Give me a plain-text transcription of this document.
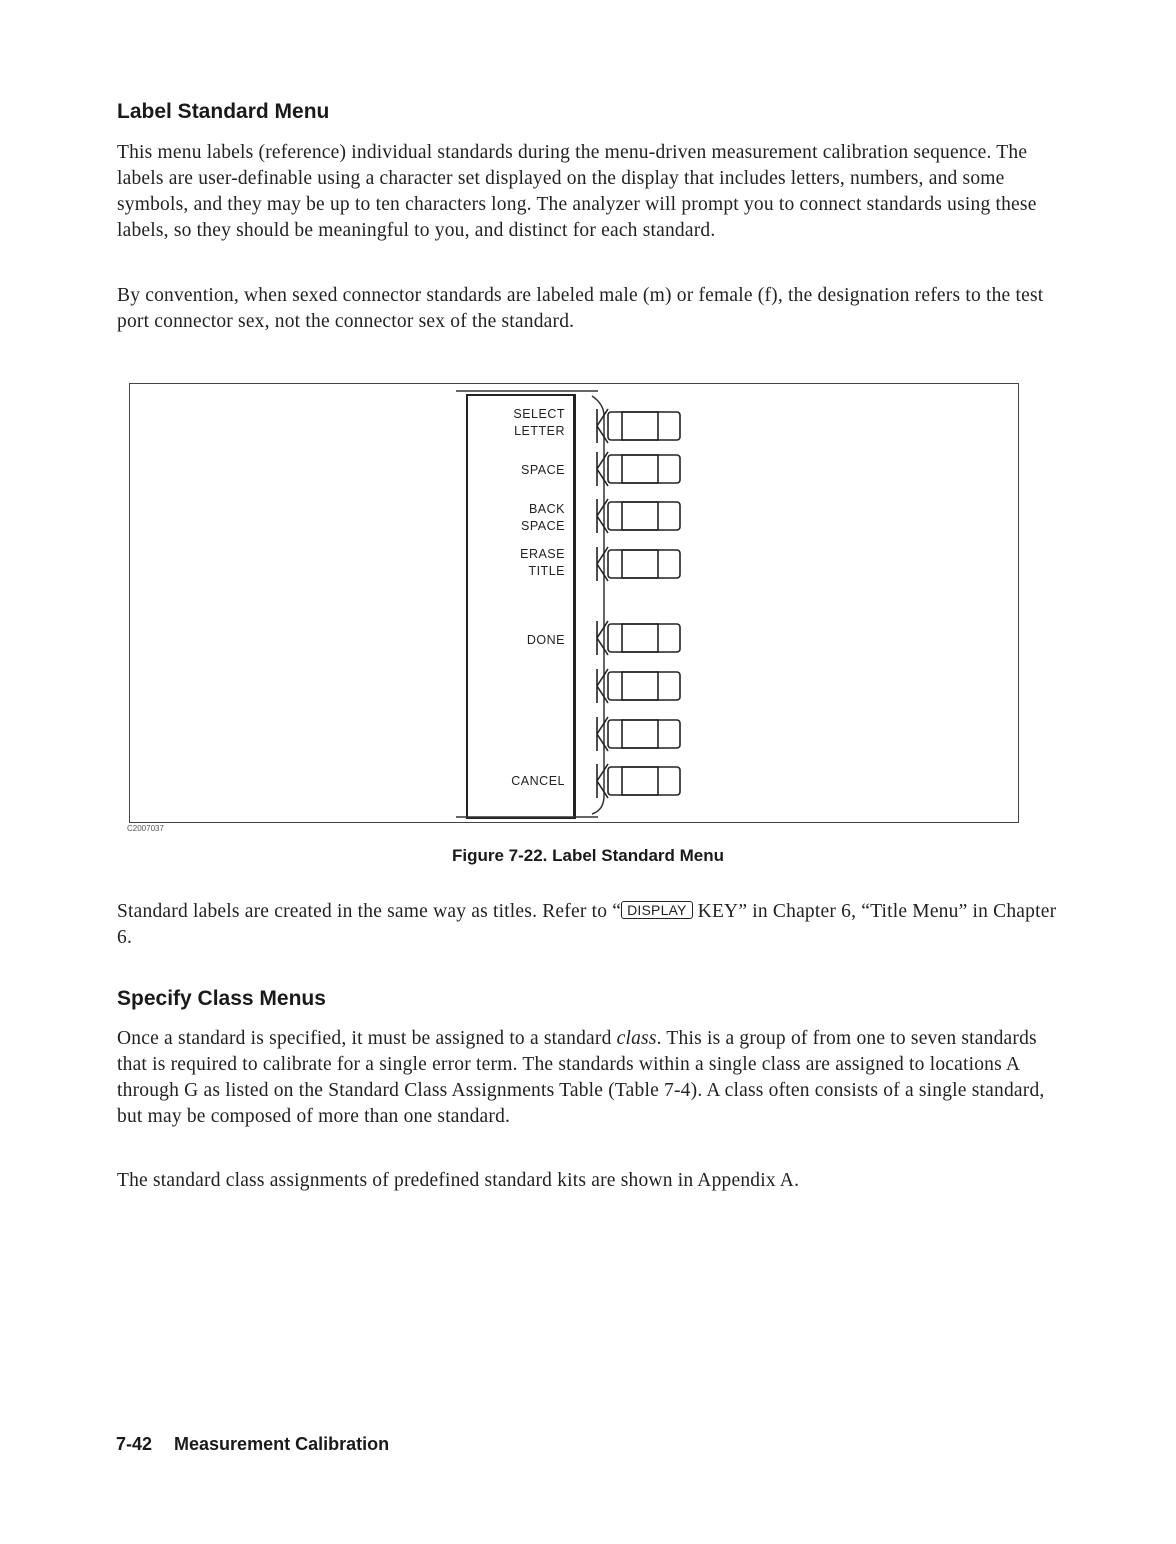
Label Standard Menu

This menu labels (reference) individual standards during the menu-driven measurement calibration sequence. The labels are user-definable using a character set displayed on the display that includes letters, numbers, and some symbols, and they may be up to ten characters long. The analyzer will prompt you to connect standards using these labels, so they should be meaningful to you, and distinct for each standard.

By convention, when sexed connector standards are labeled male (m) or female (f), the designation refers to the test port connector sex, not the connector sex of the standard.

SELECT
LETTER
SPACE
BACK
SPACE
ERASE
TITLE
DONE
CANCEL
C2007037
Figure 7-22. Label Standard Menu

Standard labels are created in the same way as titles. Refer to “ DISPLAY KEY” in Chapter 6, “Title Menu” in Chapter 6.

Specify Class Menus

Once a standard is specified, it must be assigned to a standard class. This is a group of from one to seven standards that is required to calibrate for a single error term. The standards within a single class are assigned to locations A through G as listed on the Standard Class Assignments Table (Table 7-4). A class often consists of a single standard, but may be composed of more than one standard.

The standard class assignments of predefined standard kits are shown in Appendix A.

7-42 Measurement Calibration
